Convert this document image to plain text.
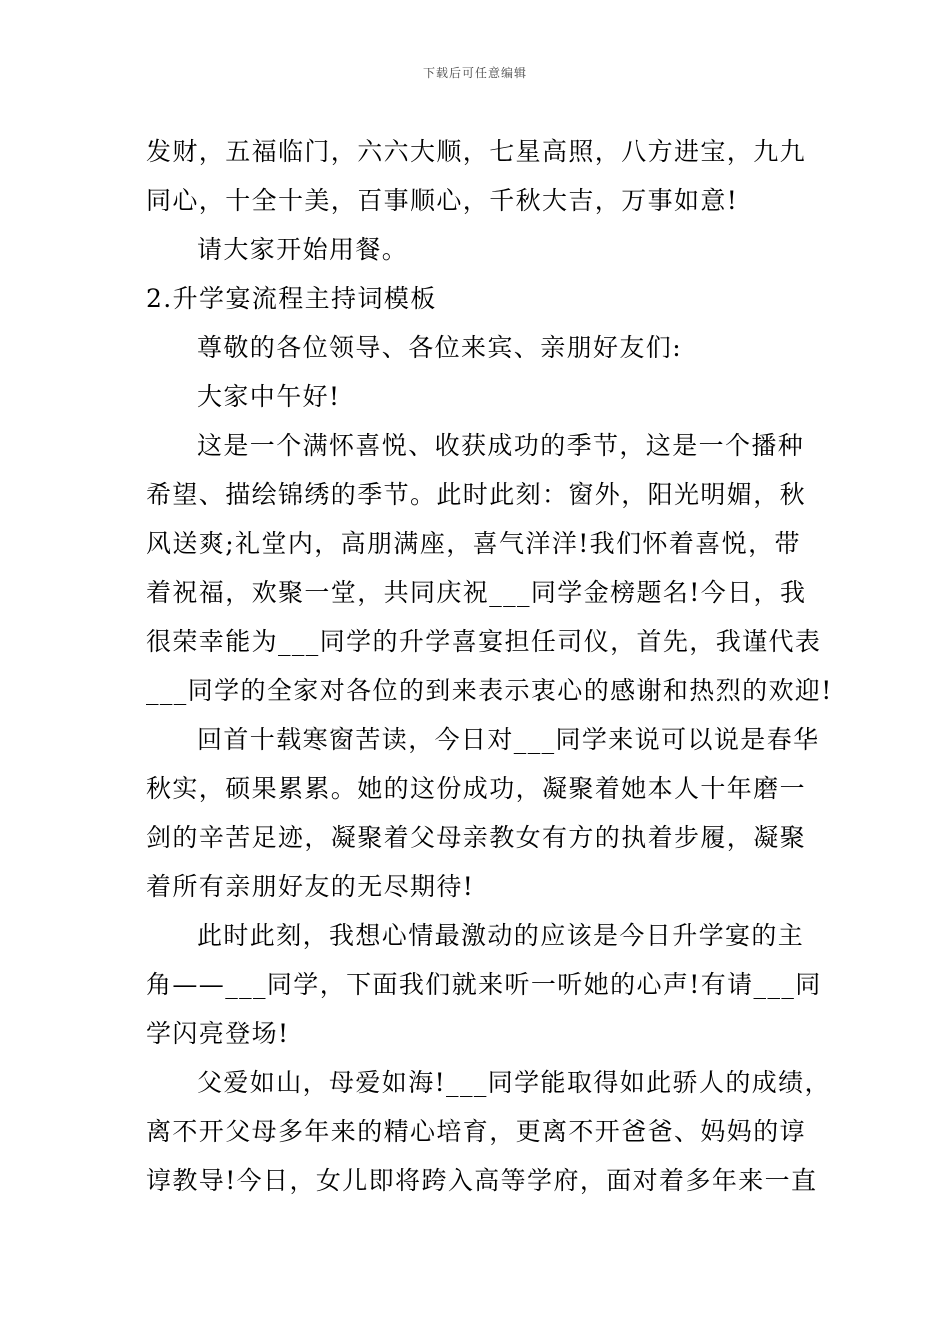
下载后可任意编辑

发财，五福临门，六六大顺，七星高照，八方进宝，九九

同心，十全十美，百事顺心，千秋大吉，万事如意!

请大家开始用餐。

2.升学宴流程主持词模板

尊敬的各位领导、各位来宾、亲朋好友们:

大家中午好!

这是一个满怀喜悦、收获成功的季节，这是一个播种

希望、描绘锦绣的季节。此时此刻：窗外，阳光明媚，秋

风送爽;礼堂内，高朋满座，喜气洋洋!我们怀着喜悦，带

着祝福，欢聚一堂，共同庆祝___同学金榜题名!今日，我

很荣幸能为___同学的升学喜宴担任司仪，首先，我谨代表

___同学的全家对各位的到来表示衷心的感谢和热烈的欢迎!

回首十载寒窗苦读，今日对___同学来说可以说是春华

秋实，硕果累累。她的这份成功，凝聚着她本人十年磨一

剑的辛苦足迹，凝聚着父母亲教女有方的执着步履，凝聚

着所有亲朋好友的无尽期待!

此时此刻，我想心情最激动的应该是今日升学宴的主

角——___同学，下面我们就来听一听她的心声!有请___同

学闪亮登场!

父爱如山，母爱如海!___同学能取得如此骄人的成绩，

离不开父母多年来的精心培育，更离不开爸爸、妈妈的谆

谆教导!今日，女儿即将跨入高等学府，面对着多年来一直
